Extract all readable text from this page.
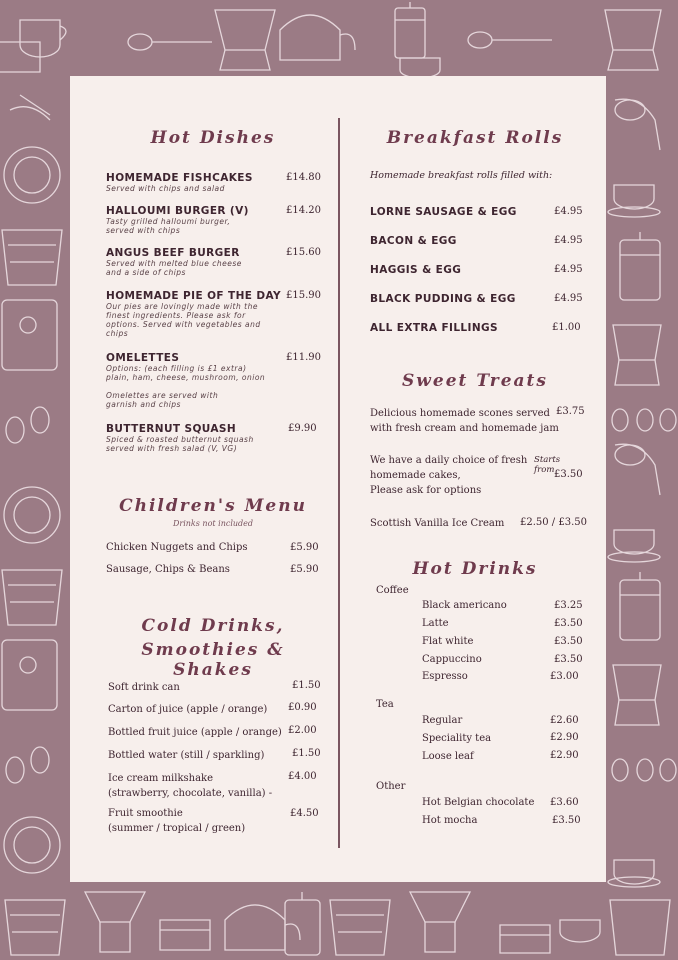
Hot Dishes
HOMEMADE FISHCAKES
Served with chips and salad
£14.80
HALLOUMI BURGER (V)
Tasty grilled halloumi burger,
served with chips
£14.20
ANGUS BEEF BURGER
Served with melted blue cheese
and a side of chips
£15.60
HOMEMADE PIE OF THE DAY
Our pies are lovingly made with the
finest ingredients. Please ask for
options. Served with vegetables and
chips
£15.90
OMELETTES
Options: (each filling is £1 extra)
plain, ham, cheese, mushroom, onion

Omelettes are served with
garnish and chips
£11.90
BUTTERNUT SQUASH
Spiced & roasted butternut squash
served with fresh salad (V, VG)
£9.90
Children's Menu
Drinks not included
Chicken Nuggets and Chips	£5.90
Sausage, Chips & Beans	£5.90
Cold Drinks,
Smoothies & Shakes
Soft drink can	£1.50
Carton of juice (apple / orange) £0.90
Bottled fruit juice (apple / orange) £2.00
Bottled water (still / sparkling)	£1.50
Ice cream milkshake
(strawberry, chocolate, vanilla) -
£4.00
Fruit smoothie
(summer / tropical / green)
£4.50
Breakfast Rolls
Homemade breakfast rolls filled with:
LORNE SAUSAGE & EGG	£4.95
BACON & EGG	£4.95
HAGGIS & EGG	£4.95
BLACK PUDDING & EGG	£4.95
ALL EXTRA FILLINGS	£1.00
Sweet Treats
Delicious homemade scones served
with fresh cream and homemade jam
£3.75
We have a daily choice of fresh
homemade cakes,
Please ask for options
Starts from £3.50
Scottish Vanilla Ice Cream £2.50 / £3.50
Hot Drinks
Coffee
Black americano	£3.25
Latte	£3.50
Flat white	£3.50
Cappuccino	£3.50
Espresso	£3.00
Tea
Regular	£2.60
Speciality tea	£2.90
Loose leaf	£2.90
Other
Hot Belgian chocolate £3.60
Hot mocha	£3.50
